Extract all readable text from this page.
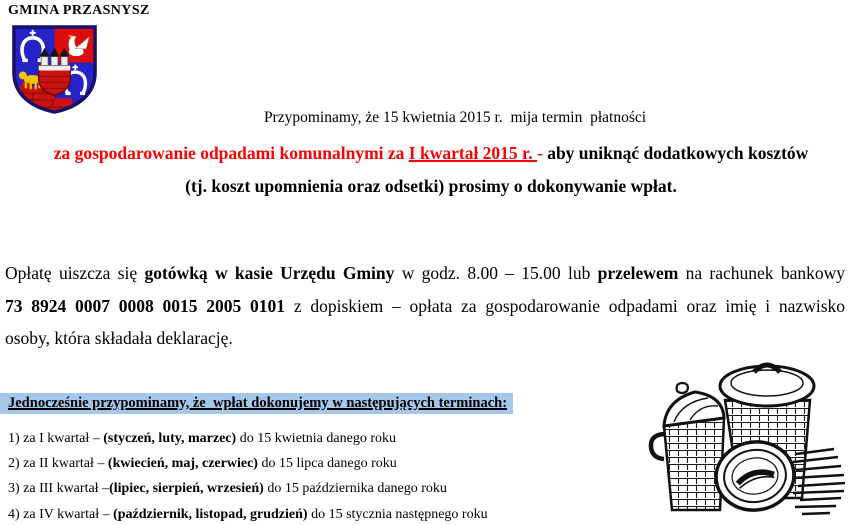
GMINA PRZASNYSZ
Przypominamy, że 15 kwietnia 2015 r.  mija termin  płatności
za gospodarowanie odpadami komunalnymi za I kwartał 2015 r. - aby uniknąć dodatkowych kosztów
(tj. koszt upomnienia oraz odsetki) prosimy o dokonywanie wpłat.
Opłatę uiszcza się gotówką w kasie Urzędu Gminy w godz. 8.00 – 15.00 lub przelewem na rachunek bankowy
73 8924 0007 0008 0015 2005 0101 z dopiskiem – opłata za gospodarowanie odpadami oraz imię i nazwisko
osoby, która składała deklarację.
Jednocześnie przypominamy, że  wpłat dokonujemy w następujących terminach:
1) za I kwartał – (styczeń, luty, marzec) do 15 kwietnia danego roku
2) za II kwartał – (kwiecień, maj, czerwiec) do 15 lipca danego roku
3) za III kwartał –(lipiec, sierpień, wrzesień) do 15 października danego roku
4) za IV kwartał – (październik, listopad, grudzień) do 15 stycznia następnego roku
